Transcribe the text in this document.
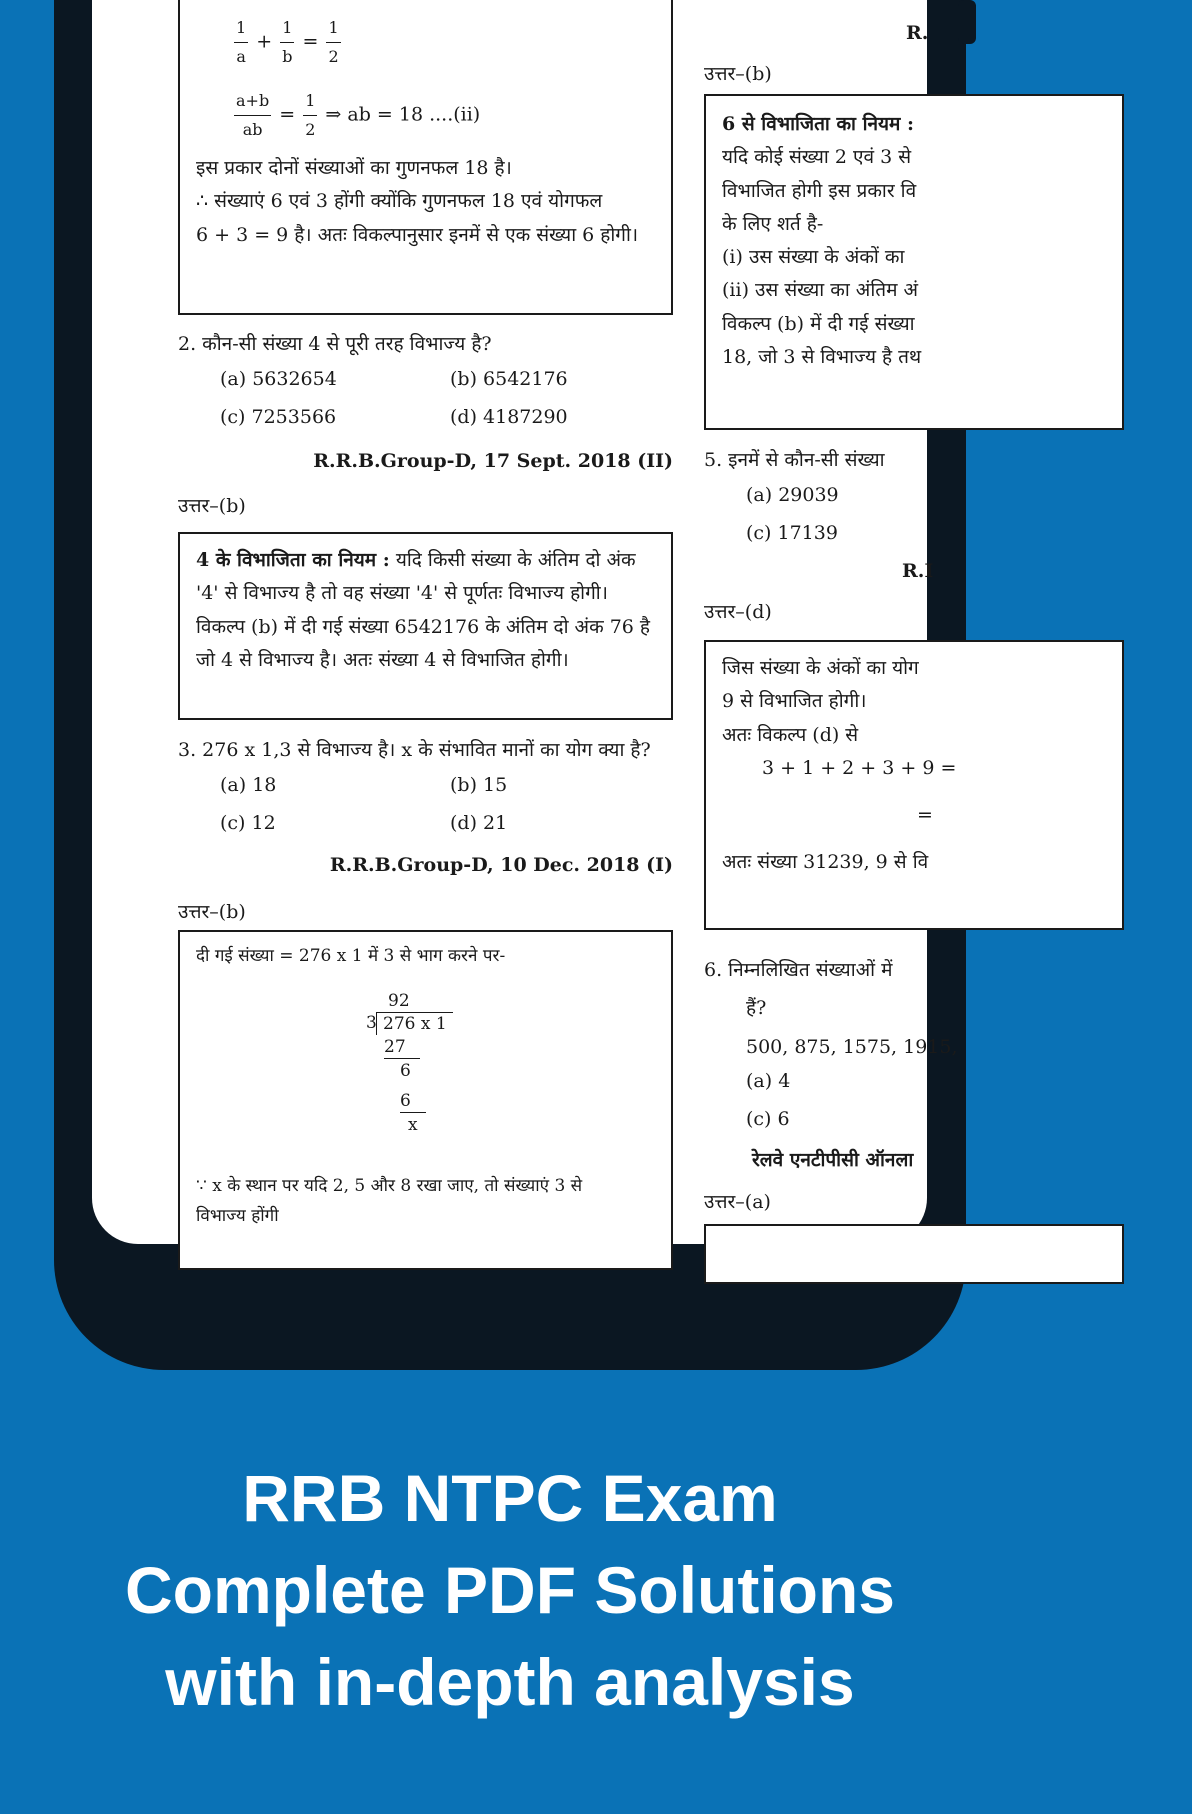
$\frac{1}{a} + \frac{1}{b} = \frac{1}{2}$
$\frac{a+b}{ab} = \frac{1}{2}$ ⇒ ab = 18 ....(ii)
इस प्रकार दोनों संख्याओं का गुणनफल 18 है।
∴ संख्याएं 6 एवं 3 होंगी क्योंकि गुणनफल 18 एवं योगफल
6 + 3 = 9 है। अतः विकल्पानुसार इनमें से एक संख्या 6 होगी।
2. कौन-सी संख्या 4 से पूरी तरह विभाज्य है?
(a) 5632654	(b) 6542176
(c) 7253566	(d) 4187290
R.R.B.Group-D, 17 Sept. 2018 (II)
उत्तर–(b)
4 के विभाजिता का नियम : यदि किसी संख्या के अंतिम दो अंक
'4' से विभाज्य है तो वह संख्या '4' से पूर्णतः विभाज्य होगी।
विकल्प (b) में दी गई संख्या 6542176 के अंतिम दो अंक 76 है
जो 4 से विभाज्य है। अतः संख्या 4 से विभाजित होगी।
3. 276 x 1,3 से विभाज्य है। x के संभावित मानों का योग क्या है?
(a) 18	(b) 15
(c) 12	(d) 21
R.R.B.Group-D, 10 Dec. 2018 (I)
उत्तर–(b)
दी गई संख्या = 276 x 1 में 3 से भाग करने पर-
92
3 276 x 1
27
6
6
x
∵ x के स्थान पर यदि 2, 5 और 8 रखा जाए, तो संख्याएं 3 से
विभाज्य होंगी
R.
उत्तर–(b)
6 से विभाजिता का नियम :
यदि कोई संख्या 2 एवं 3 से
विभाजित होगी इस प्रकार वि
के लिए शर्त है-
(i) उस संख्या के अंकों का
(ii) उस संख्या का अंतिम अं
विकल्प (b) में दी गई संख्या
18, जो 3 से विभाज्य है तथ
5. इनमें से कौन-सी संख्या
(a) 29039
(c) 17139
R.I
उत्तर–(d)
जिस संख्या के अंकों का योग
9 से विभाजित होगी।
अतः विकल्प (d) से
3 + 1 + 2 + 3 + 9 =
=
अतः संख्या 31239, 9 से वि
6. निम्नलिखित संख्याओं में
हैं?
500, 875, 1575, 1915,
(a) 4
(c) 6
रेलवे एनटीपीसी ऑनला
उत्तर–(a)
RRB NTPC Exam
Complete PDF Solutions
with in-depth analysis
